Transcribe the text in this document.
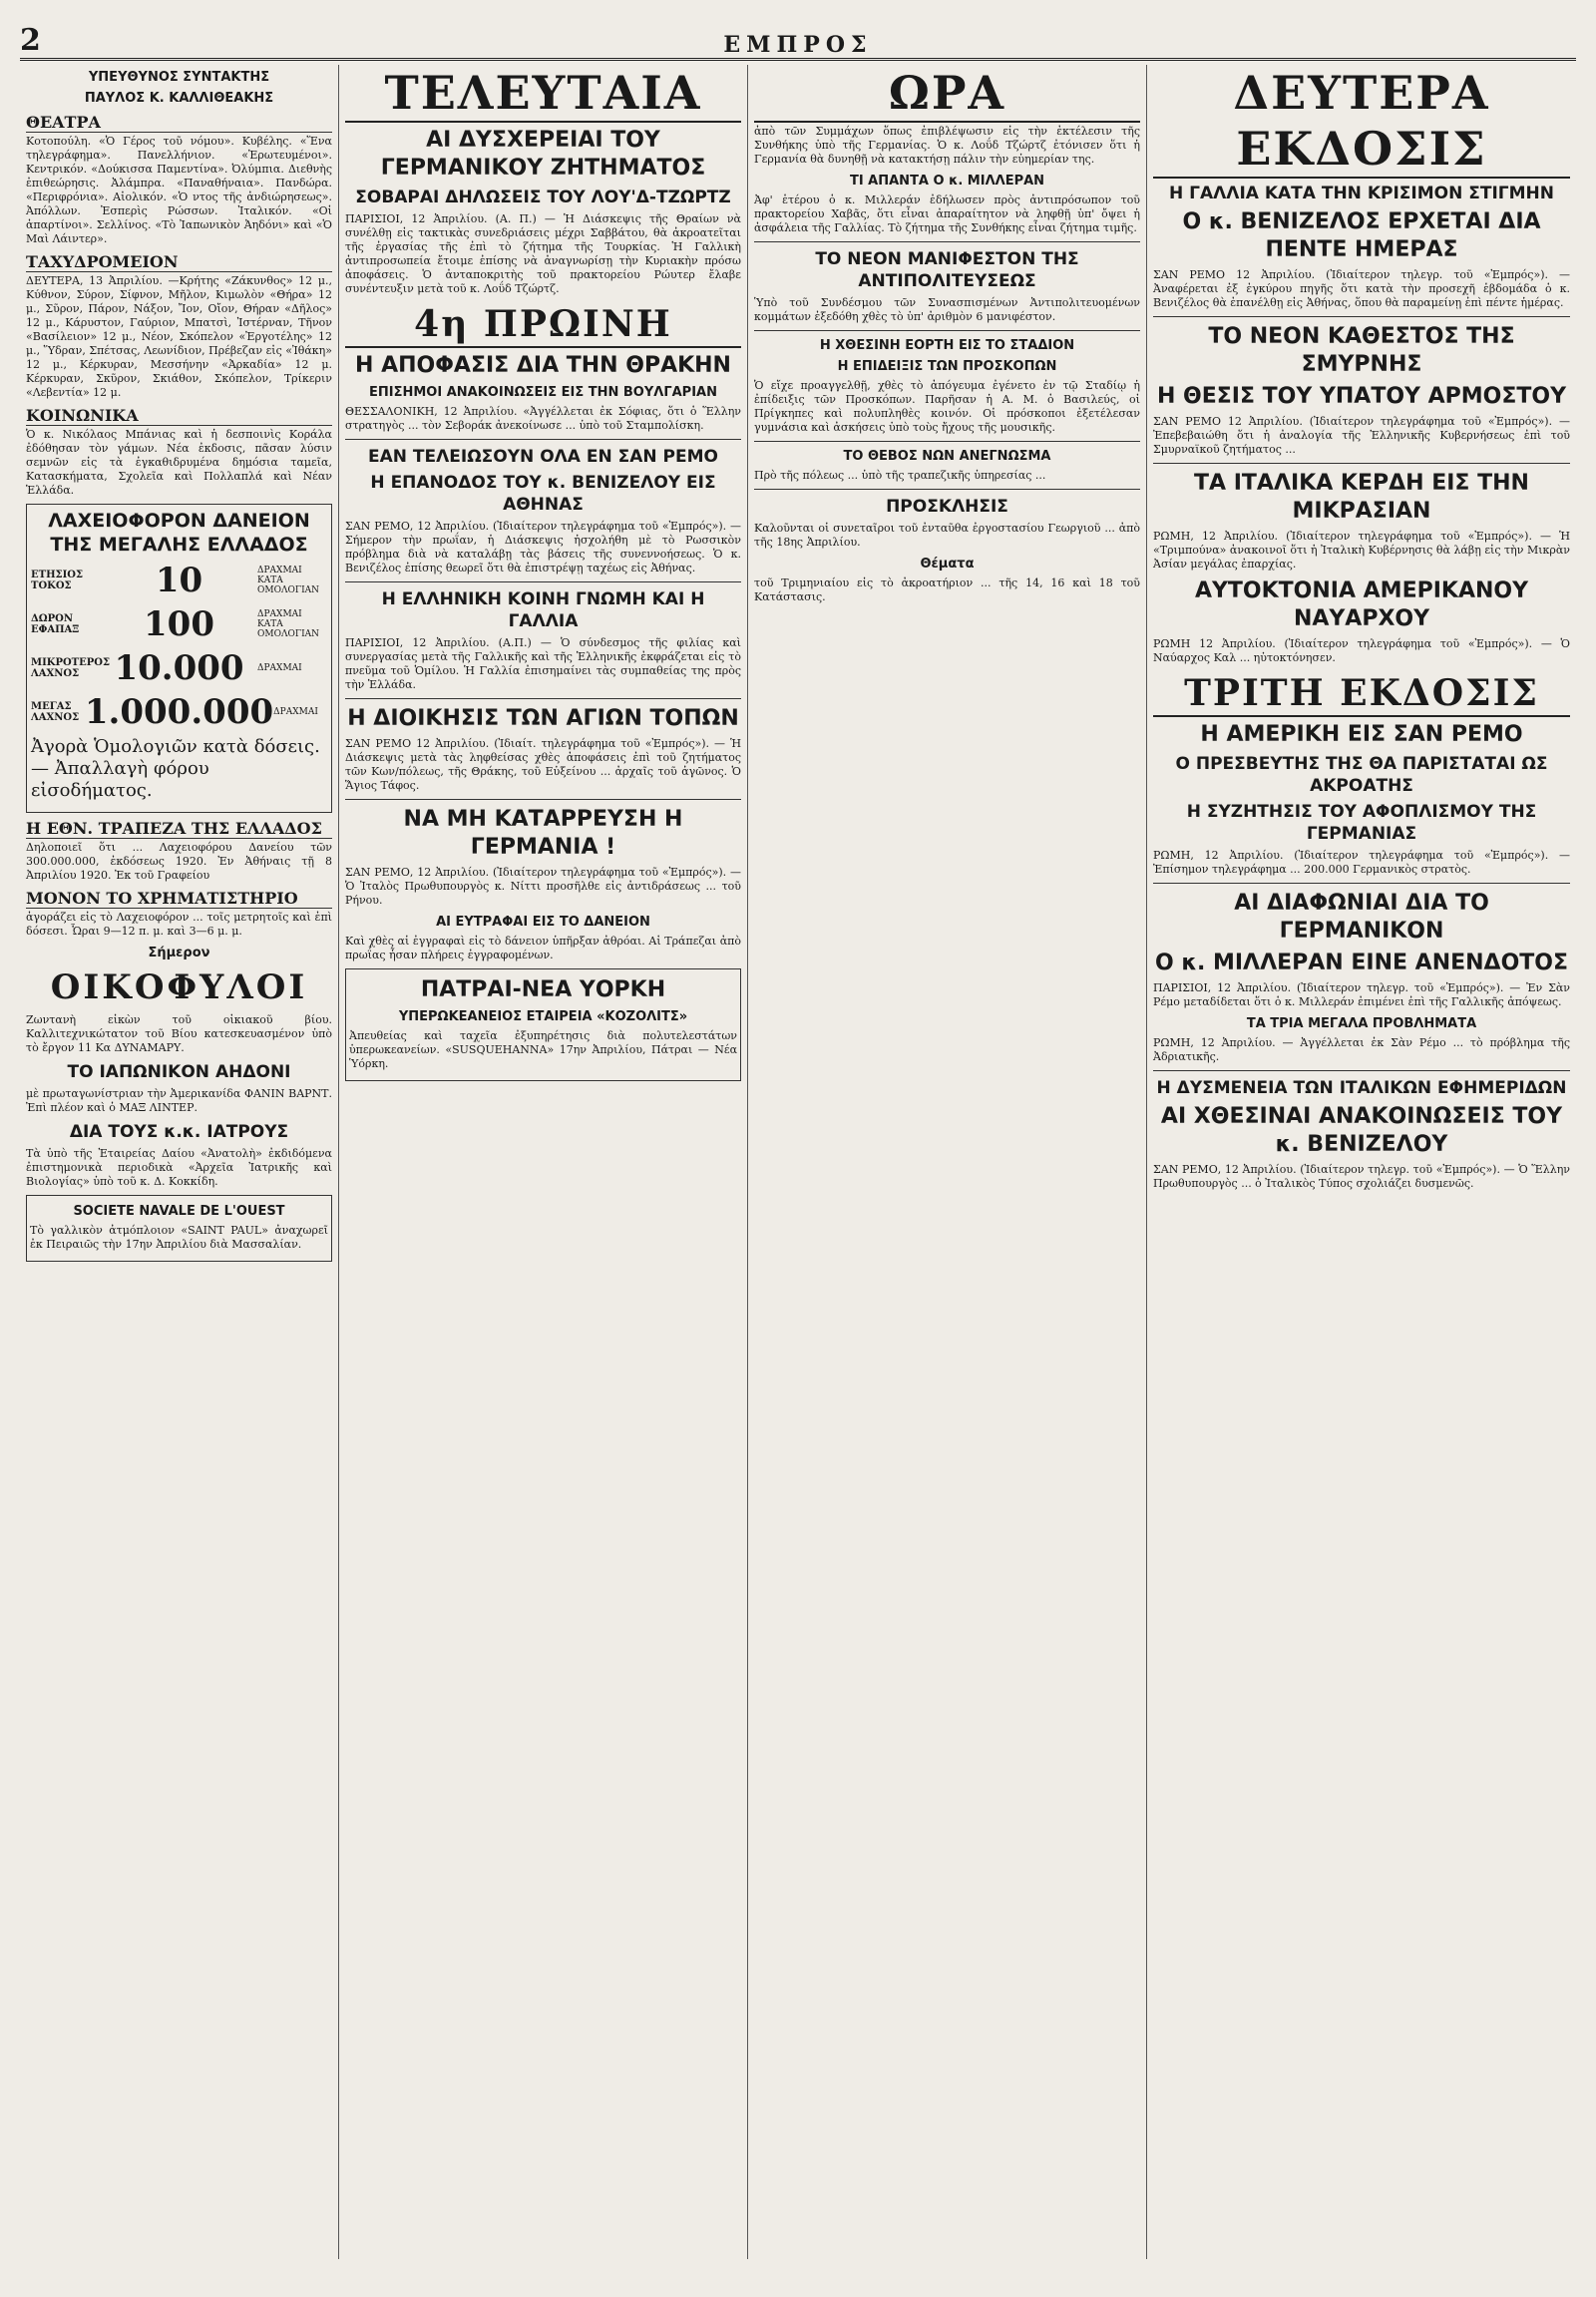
2	ΕΜΠΡΟΣ
ΥΠΕΥΘΥΝΟΣ ΣΥΝΤΑΚΤΗΣ
ΠΑΥΛΟΣ Κ. ΚΑΛΛΙΘΕΑΚΗΣ
ΘΕΑΤΡΑ
Κοτοπούλη. «Ὁ Γέρος τοῦ νόμου». Κυβέλης. «Ἕνα τηλεγράφημα». Πανελλήνιον. «Ἐρωτευμένοι». Κεντρικόν. «Δούκισσα Παμεντίνα». Ὀλύμπια. Διεθνὴς ἐπιθεώρησις. Ἀλάμπρα. «Παναθήναια». Πανδώρα. «Περιφρόνια». Αἰολικόν. «Ὁ ντος τῆς ἀνδιώρησεως». Ἀπόλλων. Ἐσπερὶς Ρώσσων. Ἰταλικόν. «Οἱ ἀπαρτίνοι». Σελλίνος. «Τὸ Ἰαπωνικὸν Ἀηδόνι» καὶ «Ὁ Μαὶ Λάιντερ».
ΤΑΧΥΔΡΟΜΕΙΟΝ
ΔΕΥΤΕΡΑ, 13 Ἀπριλίου. —Κρήτης «Ζάκυνθος» 12 μ., Κύθνον, Σύρον, Σίφνον, Μῆλον, Κιμωλὸν «Θήρα» 12 μ., Σῦρον, Πάρον, Νάξον, Ἴον, Οἴον, Θήραν «Δῆλος» 12 μ., Κάρυστον, Γαύριον, Μπατσὶ, Ἰστέρναν, Τῆνον «Βασίλειον» 12 μ., Νέον, Σκόπελον «Ἐργοτέλης» 12 μ., Ὕδραν, Σπέτσας, Λεωνίδιον, Πρέβεζαν εἰς «Ἰθάκη» 12 μ., Κέρκυραν, Μεσσήνην «Ἀρκαδία» 12 μ. Κέρκυραν, Σκῦρον, Σκιάθον, Σκόπελον, Τρίκεριν «Λεβεντία» 12 μ.
ΚΟΙΝΩΝΙΚΑ
Ὁ κ. Νικόλαος Μπάνιας καὶ ἡ δεσποινὶς Κοράλα ἐδόθησαν τὸν γάμων. Νέα ἐκδοσις, πᾶσαν λύσιν σεμνῶν εἰς τὰ ἐγκαθιδρυμένα δημόσια ταμεῖα, Κατασκήματα, Σχολεῖα καὶ Πολλαπλά καὶ Νέαν Ἑλλάδα.
ΛΑΧΕΙΟΦΟΡΟΝ ΔΑΝΕΙΟΝ
ΤΗΣ ΜΕΓΑΛΗΣ ΕΛΛΑΔΟΣ
ΕΤΗΣΙΟΣ ΤΟΚΟΣ	10	ΔΡΑΧΜΑΙ ΚΑΤΑ ΟΜΟΛΟΓΙΑΝ
ΔΩΡΟΝ ΕΦΑΠΑΞ	100	ΔΡΑΧΜΑΙ ΚΑΤΑ ΟΜΟΛΟΓΙΑΝ
ΜΙΚΡΟΤΕΡΟΣ ΛΑΧΝΟΣ	10.000 ΔΡΑΧΜΑΙ
ΜΕΓΑΣ ΛΑΧΝΟΣ 1.000.000 ΔΡΑΧΜΑΙ
Ἀγορὰ Ὁμολογιῶν κατὰ δόσεις. — Ἀπαλλαγὴ φόρου εἰσοδήματος.
Η ΕΘΝ. ΤΡΑΠΕΖΑ ΤΗΣ ΕΛΛΑΔΟΣ
Δηλοποιεῖ ὅτι ... Λαχειοφόρου Δανείου τῶν 300.000.000, ἐκδόσεως 1920. Ἐν Ἀθήναις τῇ 8 Ἀπριλίου 1920. Ἐκ τοῦ Γραφείου
ΜΟΝΟΝ ΤΟ ΧΡΗΜΑΤΙΣΤΗΡΙΟ
ἀγοράζει εἰς τὸ Λαχειοφόρον ... τοῖς μετρητοῖς καὶ ἐπὶ δόσεσι. Ὧραι 9—12 π. μ. καὶ 3—6 μ. μ.
Σήμερον
ΟΙΚΟΦΥΛΟΙ
Ζωντανὴ εἰκὼν τοῦ οἰκιακοῦ βίου. Καλλιτεχνικώτατον τοῦ Βίου κατεσκευασμένον ὑπὸ τὸ ἔργον 11 Κα ΔΥΝΑΜΑΡΥ.
ΤΟ ΙΑΠΩΝΙΚΟΝ ΑΗΔΟΝΙ
μὲ πρωταγωνίστριαν τὴν Ἀμερικανίδα ΦΑΝΙΝ ΒΑΡΝΤ. Ἐπὶ πλέον καὶ ὁ ΜΑΞ ΛΙΝΤΕΡ.
ΔΙΑ ΤΟΥΣ κ.κ. ΙΑΤΡΟΥΣ
Τὰ ὑπὸ τῆς Ἑταιρείας Δαίου «Ἀνατολὴ» ἐκδιδόμενα ἐπιστημονικὰ περιοδικὰ «Ἀρχεῖα Ἰατρικῆς καὶ Βιολογίας» ὑπὸ τοῦ κ. Δ. Κοκκίδη.
SOCIETE NAVALE DE L'OUEST
Τὸ γαλλικὸν ἀτμόπλοιον «SAINT PAUL» ἀναχωρεῖ ἐκ Πειραιῶς τὴν 17ην Ἀπριλίου διὰ Μασσαλίαν.
ΤΕΛΕΥΤΑΙΑ
ΑΙ ΔΥΣΧΕΡΕΙΑΙ ΤΟΥ ΓΕΡΜΑΝΙΚΟΥ ΖΗΤΗΜΑΤΟΣ
ΣΟΒΑΡΑΙ ΔΗΛΩΣΕΙΣ ΤΟΥ ΛΟΥ'Δ-ΤΖΩΡΤΖ
ΠΑΡΙΣΙΟΙ, 12 Ἀπριλίου. (Α. Π.) — Ἡ Διάσκεψις τῆς Θραίων νὰ συνέλθῃ εἰς τακτικὰς συνεδριάσεις μέχρι Σαββάτου, θὰ ἀκροατεῖται τῆς ἐργασίας τῆς ἐπὶ τὸ ζήτημα τῆς Τουρκίας. Ἡ Γαλλικὴ ἀντιπροσωπεία ἔτοιμε ἐπίσης νὰ ἀναγνωρίσῃ τὴν Κυριακὴν πρόσω ἀποφάσεις. Ὁ ἀνταποκριτὴς τοῦ πρακτορείου Ρώυτερ ἔλαβε συνέντευξιν μετὰ τοῦ κ. Λοΰδ Τζώρτζ.
4η ΠΡΩΙΝΗ
Η ΑΠΟΦΑΣΙΣ ΔΙΑ ΤΗΝ ΘΡΑΚΗΝ
ΕΠΙΣΗΜΟΙ ΑΝΑΚΟΙΝΩΣΕΙΣ ΕΙΣ ΤΗΝ ΒΟΥΛΓΑΡΙΑΝ
ΘΕΣΣΑΛΟΝΙΚΗ, 12 Ἀπριλίου. «Ἀγγέλλεται ἐκ Σόφιας, ὅτι ὁ Ἕλλην στρατηγὸς ... τὸν Σεβοράκ ἀνεκοίνωσε ... ὑπὸ τοῦ Σταμπολίσκη.
ΕΑΝ ΤΕΛΕΙΩΣΟΥΝ ΟΛΑ ΕΝ ΣΑΝ ΡΕΜΟ
Η ΕΠΑΝΟΔΟΣ ΤΟΥ κ. ΒΕΝΙΖΕΛΟΥ ΕΙΣ ΑΘΗΝΑΣ
ΣΑΝ ΡΕΜΟ, 12 Ἀπριλίου. (Ἰδιαίτερον τηλεγράφημα τοῦ «Ἐμπρός»). — Σήμερον τὴν πρωΐαν, ἡ Διάσκεψις ἠσχολήθη μὲ τὸ Ρωσσικὸν πρόβλημα διὰ νὰ καταλάβῃ τὰς βάσεις τῆς συνεννοήσεως. Ὁ κ. Βενιζέλος ἐπίσης θεωρεῖ ὅτι θὰ ἐπιστρέψῃ ταχέως εἰς Ἀθήνας.
Η ΕΛΛΗΝΙΚΗ ΚΟΙΝΗ ΓΝΩΜΗ ΚΑΙ Η ΓΑΛΛΙΑ
ΠΑΡΙΣΙΟΙ, 12 Ἀπριλίου. (Α.Π.) — Ὁ σύνδεσμος τῆς φιλίας καὶ συνεργασίας μετὰ τῆς Γαλλικῆς καὶ τῆς Ἑλληνικῆς ἐκφράζεται εἰς τὸ πνεῦμα τοῦ Ὁμίλου. Ἡ Γαλλία ἐπισημαίνει τὰς συμπαθείας της πρὸς τὴν Ἑλλάδα.
Η ΔΙΟΙΚΗΣΙΣ ΤΩΝ ΑΓΙΩΝ ΤΟΠΩΝ
ΣΑΝ ΡΕΜΟ 12 Ἀπριλίου. (Ἰδιαίτ. τηλεγράφημα τοῦ «Ἐμπρός»). — Ἡ Διάσκεψις μετὰ τὰς ληφθείσας χθὲς ἀποφάσεις ἐπὶ τοῦ ζητήματος τῶν Κων/πόλεως, τῆς Θράκης, τοῦ Εὐξείνου ... ἀρχαῖς τοῦ ἀγῶνος. Ὁ Ἅγιος Τάφος.
ΝΑ ΜΗ ΚΑΤΑΡΡΕΥΣΗ Η ΓΕΡΜΑΝΙΑ !
ΣΑΝ ΡΕΜΟ, 12 Ἀπριλίου. (Ἰδιαίτερον τηλεγράφημα τοῦ «Ἐμπρός»). — Ὁ Ἰταλὸς Πρωθυπουργὸς κ. Νίττι προσῆλθε εἰς ἀντιδράσεως ... τοῦ Ρήνου.
ΑΙ ΕΥΤΡΑΦΑΙ ΕΙΣ ΤΟ ΔΑΝΕΙΟΝ
Καὶ χθὲς αἱ ἐγγραφαὶ εἰς τὸ δάνειον ὑπῆρξαν ἀθρόαι. Αἱ Τράπεζαι ἀπὸ πρωΐας ἦσαν πλήρεις ἐγγραφομένων.
ΠΑΤΡΑΙ-ΝΕΑ ΥΟΡΚΗ
ΥΠΕΡΩΚΕΑΝΕΙΟΣ ΕΤΑΙΡΕΙΑ «ΚΟΖΟΛΙΤΣ»
Ἀπευθείας καὶ ταχεῖα ἐξυπηρέτησις διὰ πολυτελεστάτων ὑπερωκεανείων. «SUSQUEHANNA» 17ην Ἀπριλίου, Πάτραι — Νέα Ὑόρκη.
ΩΡΑ
ἀπὸ τῶν Συμμάχων ὅπως ἐπιβλέψωσιν εἰς τὴν ἐκτέλεσιν τῆς Συνθήκης ὑπὸ τῆς Γερμανίας. Ὁ κ. Λοΰδ Τζώρτζ ἐτόνισεν ὅτι ἡ Γερμανία θὰ δυνηθῇ νὰ κατακτήσῃ πάλιν τὴν εὐημερίαν της.
ΤΙ ΑΠΑΝΤΑ Ο κ. ΜΙΛΛΕΡΑΝ
Ἀφ' ἑτέρου ὁ κ. Μιλλεράν ἐδήλωσεν πρὸς ἀντιπρόσωπον τοῦ πρακτορείου Χαβᾶς, ὅτι εἶναι ἀπαραίτητον νὰ ληφθῇ ὑπ' ὄψει ἡ ἀσφάλεια τῆς Γαλλίας. Τὸ ζήτημα τῆς Συνθήκης εἶναι ζήτημα τιμῆς.
ΤΟ ΝΕΟΝ ΜΑΝΙΦΕΣΤΟΝ ΤΗΣ ΑΝΤΙΠΟΛΙΤΕΥΣΕΩΣ
Ὑπὸ τοῦ Συνδέσμου τῶν Συνασπισμένων Ἀντιπολιτευομένων κομμάτων ἐξεδόθη χθὲς τὸ ὑπ' ἀριθμὸν 6 μανιφέστον.
Η ΧΘΕΣΙΝΗ ΕΟΡΤΗ ΕΙΣ ΤΟ ΣΤΑΔΙΟΝ
Η ΕΠΙΔΕΙΞΙΣ ΤΩΝ ΠΡΟΣΚΟΠΩΝ
Ὁ εἴχε προαγγελθῇ, χθὲς τὸ ἀπόγευμα ἐγένετο ἐν τῷ Σταδίῳ ἡ ἐπίδειξις τῶν Προσκόπων. Παρῆσαν ἡ Α. Μ. ὁ Βασιλεύς, οἱ Πρίγκηπες καὶ πολυπληθὲς κοινόν. Οἱ πρόσκοποι ἐξετέλεσαν γυμνάσια καὶ ἀσκήσεις ὑπὸ τοὺς ἤχους τῆς μουσικῆς.
ΤΟ ΘΕΒΟΣ ΝΩΝ ΑΝΕΓΝΩΣΜΑ
Πρὸ τῆς πόλεως ... ὑπὸ τῆς τραπεζικῆς ὑπηρεσίας ...
ΠΡΟΣΚΛΗΣΙΣ
Καλοῦνται οἱ συνεταῖροι τοῦ ἐνταῦθα ἐργοστασίου Γεωργιοῦ ... ἀπὸ τῆς 18ης Ἀπριλίου.
Θέματα
τοῦ Τριμηνιαίου εἰς τὸ ἀκροατήριον ... τῆς 14, 16 καὶ 18 τοῦ Κατάστασις.
ΔΕΥΤΕΡΑ ΕΚΔΟΣΙΣ
Η ΓΑΛΛΙΑ ΚΑΤΑ ΤΗΝ ΚΡΙΣΙΜΟΝ ΣΤΙΓΜΗΝ
Ο κ. ΒΕΝΙΖΕΛΟΣ ΕΡΧΕΤΑΙ ΔΙΑ ΠΕΝΤΕ ΗΜΕΡΑΣ
ΣΑΝ ΡΕΜΟ 12 Ἀπριλίου. (Ἰδιαίτερον τηλεγρ. τοῦ «Ἐμπρός»). — Ἀναφέρεται ἐξ ἐγκύρου πηγῆς ὅτι κατὰ τὴν προσεχῆ ἑβδομάδα ὁ κ. Βενιζέλος θὰ ἐπανέλθῃ εἰς Ἀθήνας, ὅπου θὰ παραμείνῃ ἐπὶ πέντε ἡμέρας.
ΤΟ ΝΕΟΝ ΚΑΘΕΣΤΟΣ ΤΗΣ ΣΜΥΡΝΗΣ
Η ΘΕΣΙΣ ΤΟΥ ΥΠΑΤΟΥ ΑΡΜΟΣΤΟΥ
ΣΑΝ ΡΕΜΟ 12 Ἀπριλίου. (Ἰδιαίτερον τηλεγράφημα τοῦ «Ἐμπρός»). — Ἐπεβεβαιώθη ὅτι ἡ ἀναλογία τῆς Ἑλληνικῆς Κυβερνήσεως ἐπὶ τοῦ Σμυρναϊκοῦ ζητήματος ...
ΤΑ ΙΤΑΛΙΚΑ ΚΕΡΔΗ ΕΙΣ ΤΗΝ ΜΙΚΡΑΣΙΑΝ
ΡΩΜΗ, 12 Ἀπριλίου. (Ἰδιαίτερον τηλεγράφημα τοῦ «Ἐμπρός»). — Ἡ «Τριμπούνα» ἀνακοινοῖ ὅτι ἡ Ἰταλικὴ Κυβέρνησις θὰ λάβῃ εἰς τὴν Μικρὰν Ἀσίαν μεγάλας ἐπαρχίας.
ΑΥΤΟΚΤΟΝΙΑ ΑΜΕΡΙΚΑΝΟΥ ΝΑΥΑΡΧΟΥ
ΡΩΜΗ 12 Ἀπριλίου. (Ἰδιαίτερον τηλεγράφημα τοῦ «Ἐμπρός»). — Ὁ Ναύαρχος Καλ ... ηὐτοκτόνησεν.
ΤΡΙΤΗ ΕΚΔΟΣΙΣ
Η ΑΜΕΡΙΚΗ ΕΙΣ ΣΑΝ ΡΕΜΟ
Ο ΠΡΕΣΒΕΥΤΗΣ ΤΗΣ ΘΑ ΠΑΡΙΣΤΑΤΑΙ ΩΣ ΑΚΡΟΑΤΗΣ
Η ΣΥΖΗΤΗΣΙΣ ΤΟΥ ΑΦΟΠΛΙΣΜΟΥ ΤΗΣ ΓΕΡΜΑΝΙΑΣ
ΡΩΜΗ, 12 Ἀπριλίου. (Ἰδιαίτερον τηλεγράφημα τοῦ «Ἐμπρός»). — Ἐπίσημον τηλεγράφημα ... 200.000 Γερμανικὸς στρατὸς.
ΑΙ ΔΙΑΦΩΝΙΑΙ ΔΙΑ ΤΟ ΓΕΡΜΑΝΙΚΟΝ
Ο κ. ΜΙΛΛΕΡΑΝ ΕΙΝΕ ΑΝΕΝΔΟΤΟΣ
ΠΑΡΙΣΙΟΙ, 12 Ἀπριλίου. (Ἰδιαίτερον τηλεγρ. τοῦ «Ἐμπρός»). — Ἐν Σὰν Ρέμο μεταδίδεται ὅτι ὁ κ. Μιλλεράν ἐπιμένει ἐπὶ τῆς Γαλλικῆς ἀπόψεως.
ΤΑ ΤΡΙΑ ΜΕΓΑΛΑ ΠΡΟΒΛΗΜΑΤΑ
ΡΩΜΗ, 12 Ἀπριλίου. — Ἀγγέλλεται ἐκ Σὰν Ρέμο ... τὸ πρόβλημα τῆς Ἀδριατικῆς.
Η ΔΥΣΜΕΝΕΙΑ ΤΩΝ ΙΤΑΛΙΚΩΝ ΕΦΗΜΕΡΙΔΩΝ
ΑΙ ΧΘΕΣΙΝΑΙ ΑΝΑΚΟΙΝΩΣΕΙΣ ΤΟΥ κ. ΒΕΝΙΖΕΛΟΥ
ΣΑΝ ΡΕΜΟ, 12 Ἀπριλίου. (Ἰδιαίτερον τηλεγρ. τοῦ «Ἐμπρός»). — Ὁ Ἕλλην Πρωθυπουργὸς ... ὁ Ἰταλικὸς Τύπος σχολιάζει δυσμενῶς.
